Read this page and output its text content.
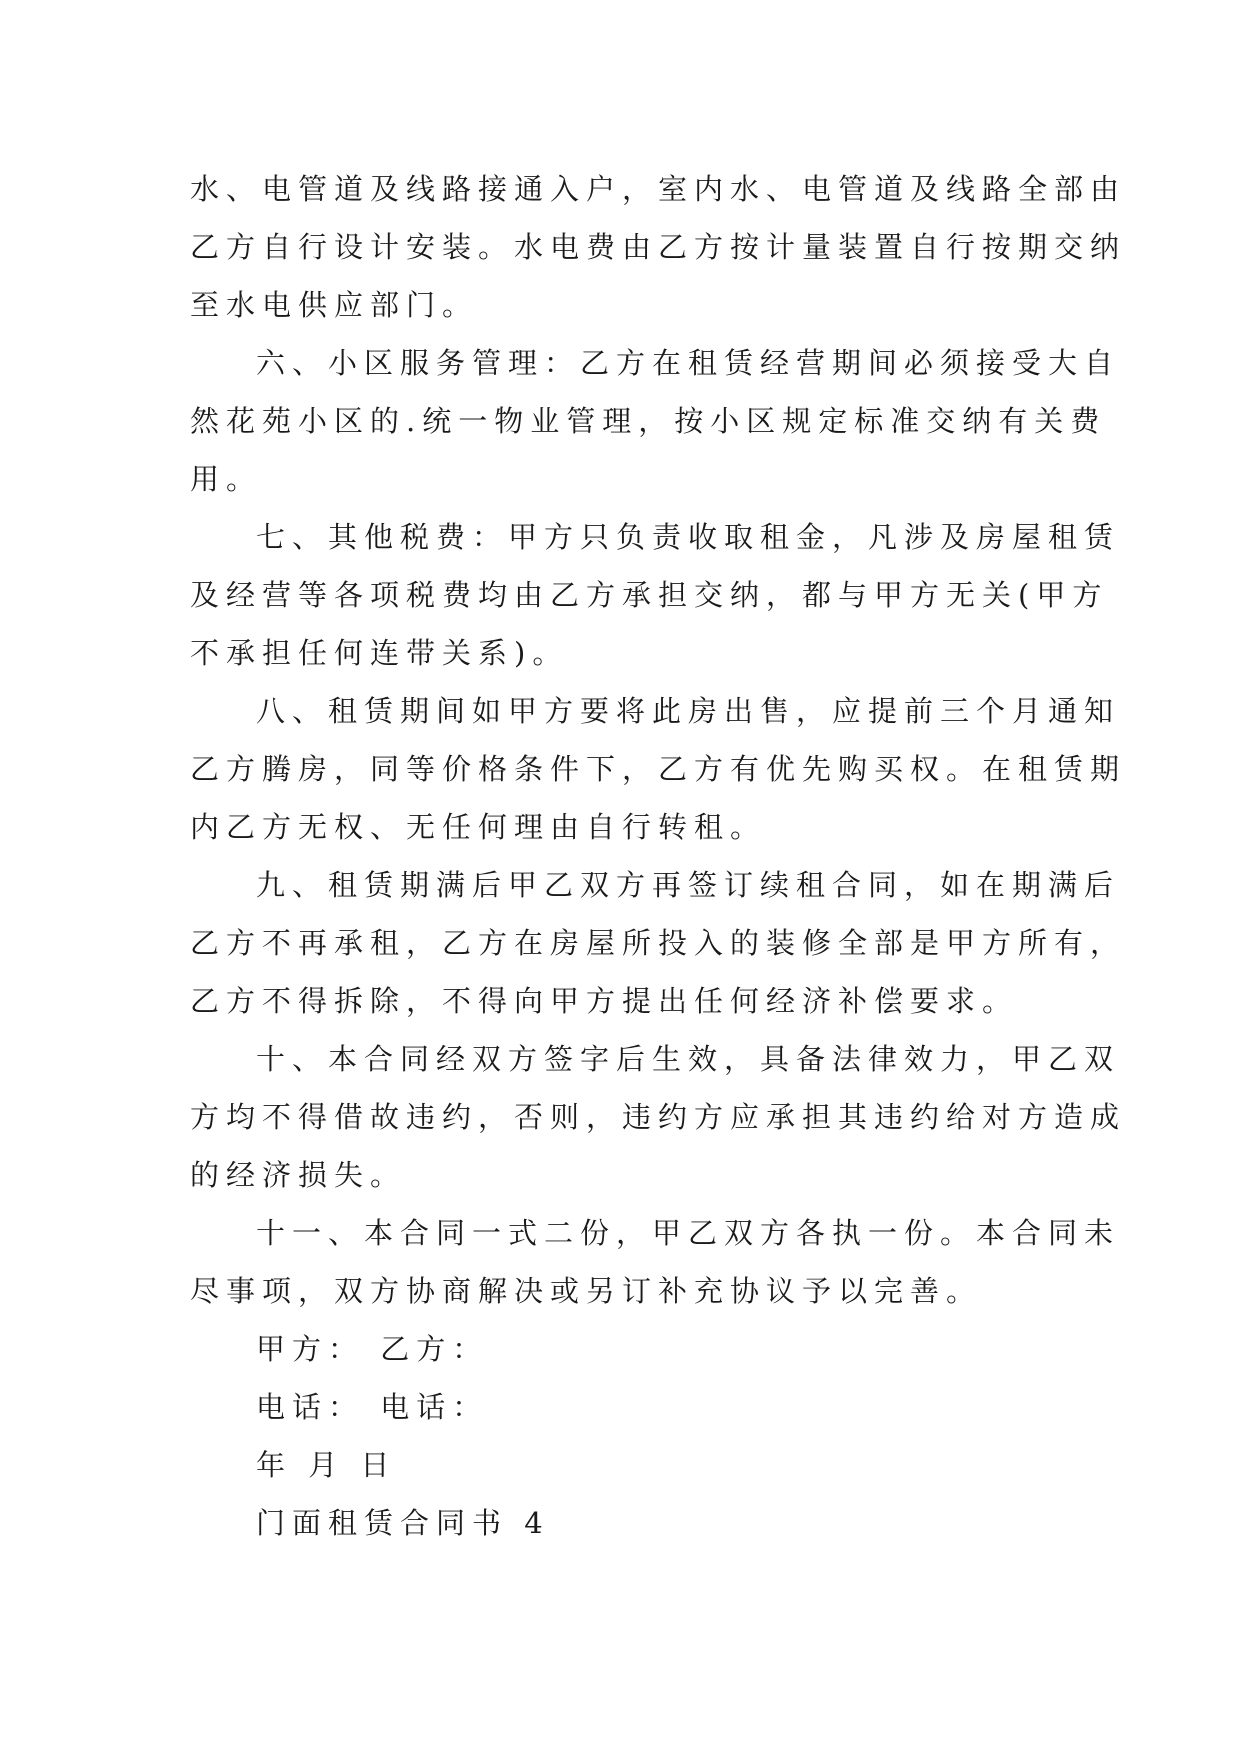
水、电管道及线路接通入户，室内水、电管道及线路全部由
乙方自行设计安装。水电费由乙方按计量装置自行按期交纳
至水电供应部门。
六、小区服务管理：乙方在租赁经营期间必须接受大自
然花苑小区的.统一物业管理，按小区规定标准交纳有关费
用。
七、其他税费：甲方只负责收取租金，凡涉及房屋租赁
及经营等各项税费均由乙方承担交纳，都与甲方无关(甲方
不承担任何连带关系)。
八、租赁期间如甲方要将此房出售，应提前三个月通知
乙方腾房，同等价格条件下，乙方有优先购买权。在租赁期
内乙方无权、无任何理由自行转租。
九、租赁期满后甲乙双方再签订续租合同，如在期满后
乙方不再承租，乙方在房屋所投入的装修全部是甲方所有，
乙方不得拆除，不得向甲方提出任何经济补偿要求。
十、本合同经双方签字后生效，具备法律效力，甲乙双
方均不得借故违约，否则，违约方应承担其违约给对方造成
的经济损失。
十一、本合同一式二份，甲乙双方各执一份。本合同未
尽事项，双方协商解决或另订补充协议予以完善。
甲方： 乙方：
电话： 电话：
年 月 日
门面租赁合同书 4
